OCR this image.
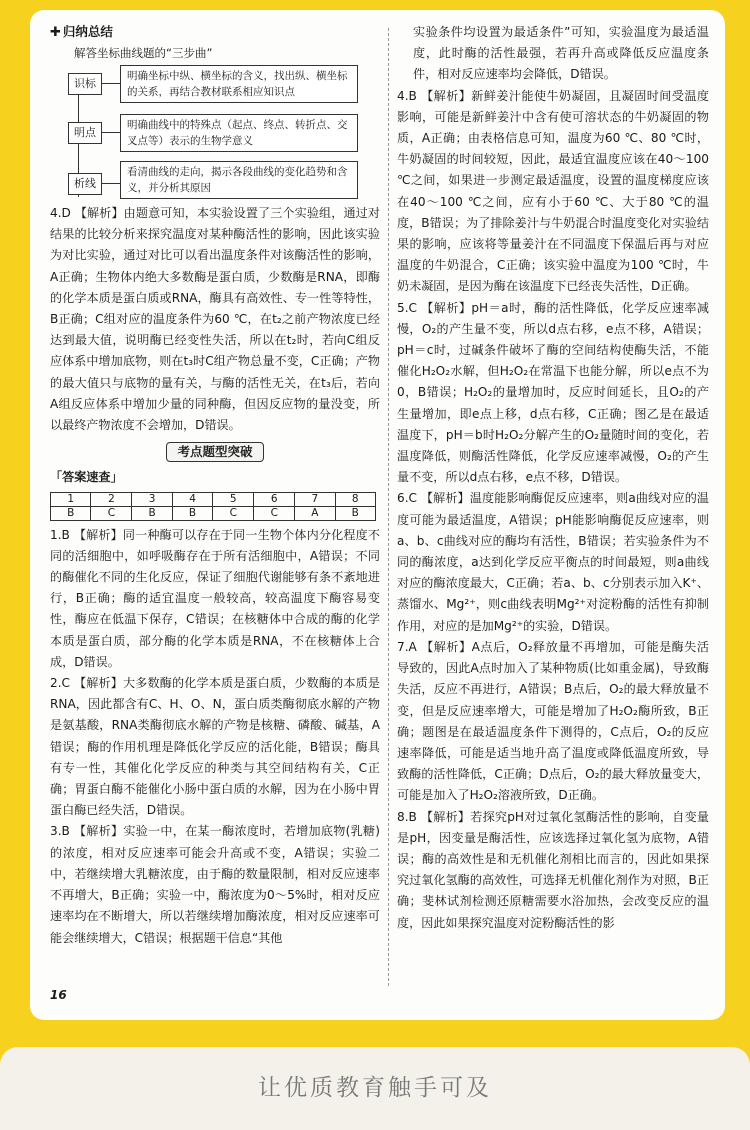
✚ 归纳总结
解答坐标曲线题的“三步曲”
识标
明确坐标中纵、横坐标的含义，找出纵、横坐标的关系，再结合教材联系相应知识点
明点
明确曲线中的特殊点（起点、终点、转折点、交叉点等）表示的生物学意义
析线
看清曲线的走向，揭示各段曲线的变化趋势和含义，并分析其原因

4.D 【解析】由题意可知，本实验设置了三个实验组，通过对结果的比较分析来探究温度对某种酶活性的影响，因此该实验为对比实验，通过对比可以看出温度条件对该酶活性的影响，A正确；生物体内绝大多数酶是蛋白质，少数酶是RNA，即酶的化学本质是蛋白质或RNA，酶具有高效性、专一性等特性，B正确；C组对应的温度条件为60 ℃，在t₂之前产物浓度已经达到最大值，说明酶已经变性失活，所以在t₂时，若向C组反应体系中增加底物，则在t₃时C组产物总量不变，C正确；产物的最大值只与底物的量有关，与酶的活性无关，在t₃后，若向A组反应体系中增加少量的同种酶，但因反应物的量没变，所以最终产物浓度不会增加，D错误。

考点题型突破
「答案速查」
1	2	3	4	5	6	7	8
B	C	B	B	C	C	A	B

1.B 【解析】同一种酶可以存在于同一生物个体内分化程度不同的活细胞中，如呼吸酶存在于所有活细胞中，A错误；不同的酶催化不同的生化反应，保证了细胞代谢能够有条不紊地进行，B正确；酶的适宜温度一般较高，较高温度下酶容易变性，酶应在低温下保存，C错误；在核糖体中合成的酶的化学本质是蛋白质，部分酶的化学本质是RNA，不在核糖体上合成，D错误。

2.C 【解析】大多数酶的化学本质是蛋白质，少数酶的本质是RNA，因此都含有C、H、O、N，蛋白质类酶彻底水解的产物是氨基酸，RNA类酶彻底水解的产物是核糖、磷酸、碱基，A错误；酶的作用机理是降低化学反应的活化能，B错误；酶具有专一性，其催化化学反应的种类与其空间结构有关，C正确；胃蛋白酶不能催化小肠中蛋白质的水解，因为在小肠中胃蛋白酶已经失活，D错误。

3.B 【解析】实验一中，在某一酶浓度时，若增加底物(乳糖)的浓度，相对反应速率可能会升高或不变，A错误；实验二中，若继续增大乳糖浓度，由于酶的数量限制，相对反应速率不再增大，B正确；实验一中，酶浓度为0～5%时，相对反应速率均在不断增大，所以若继续增加酶浓度，相对反应速率可能会继续增大，C错误；根据题干信息“其他

实验条件均设置为最适条件”可知，实验温度为最适温度，此时酶的活性最强，若再升高或降低反应温度条件，相对反应速率均会降低，D错误。

4.B 【解析】新鲜姜汁能使牛奶凝固，且凝固时间受温度影响，可能是新鲜姜汁中含有使可溶状态的牛奶凝固的物质，A正确；由表格信息可知，温度为60 ℃、80 ℃时，牛奶凝固的时间较短，因此，最适宜温度应该在40～100 ℃之间，如果进一步测定最适温度，设置的温度梯度应该在40～100 ℃之间，应有小于60 ℃、大于80 ℃的温度，B错误；为了排除姜汁与牛奶混合时温度变化对实验结果的影响，应该将等量姜汁在不同温度下保温后再与对应温度的牛奶混合，C正确；该实验中温度为100 ℃时，牛奶未凝固，是因为酶在该温度下已经丧失活性，D正确。

5.C 【解析】pH＝a时，酶的活性降低，化学反应速率减慢，O₂的产生量不变，所以d点右移，e点不移，A错误；pH＝c时，过碱条件破坏了酶的空间结构使酶失活，不能催化H₂O₂水解，但H₂O₂在常温下也能分解，所以e点不为0，B错误；H₂O₂的量增加时，反应时间延长，且O₂的产生量增加，即e点上移，d点右移，C正确；图乙是在最适温度下，pH＝b时H₂O₂分解产生的O₂量随时间的变化，若温度降低，则酶活性降低，化学反应速率减慢，O₂的产生量不变，所以d点右移，e点不移，D错误。

6.C 【解析】温度能影响酶促反应速率，则a曲线对应的温度可能为最适温度，A错误；pH能影响酶促反应速率，则a、b、c曲线对应的酶均有活性，B错误；若实验条件为不同的酶浓度，a达到化学反应平衡点的时间最短，则a曲线对应的酶浓度最大，C正确；若a、b、c分别表示加入K⁺、蒸馏水、Mg²⁺，则c曲线表明Mg²⁺对淀粉酶的活性有抑制作用，对应的是加Mg²⁺的实验，D错误。

7.A 【解析】A点后，O₂释放量不再增加，可能是酶失活导致的，因此A点时加入了某种物质(比如重金属)，导致酶失活，反应不再进行，A错误；B点后，O₂的最大释放量不变，但是反应速率增大，可能是增加了H₂O₂酶所致，B正确；题图是在最适温度条件下测得的，C点后，O₂的反应速率降低，可能是适当地升高了温度或降低温度所致，导致酶的活性降低，C正确；D点后，O₂的最大释放量变大，可能是加入了H₂O₂溶液所致，D正确。

8.B 【解析】若探究pH对过氧化氢酶活性的影响，自变量是pH，因变量是酶活性，应该选择过氧化氢为底物，A错误；酶的高效性是和无机催化剂相比而言的，因此如果探究过氧化氢酶的高效性，可选择无机催化剂作为对照，B正确；斐林试剂检测还原糖需要水浴加热，会改变反应的温度，因此如果探究温度对淀粉酶活性的影

16
让优质教育触手可及
